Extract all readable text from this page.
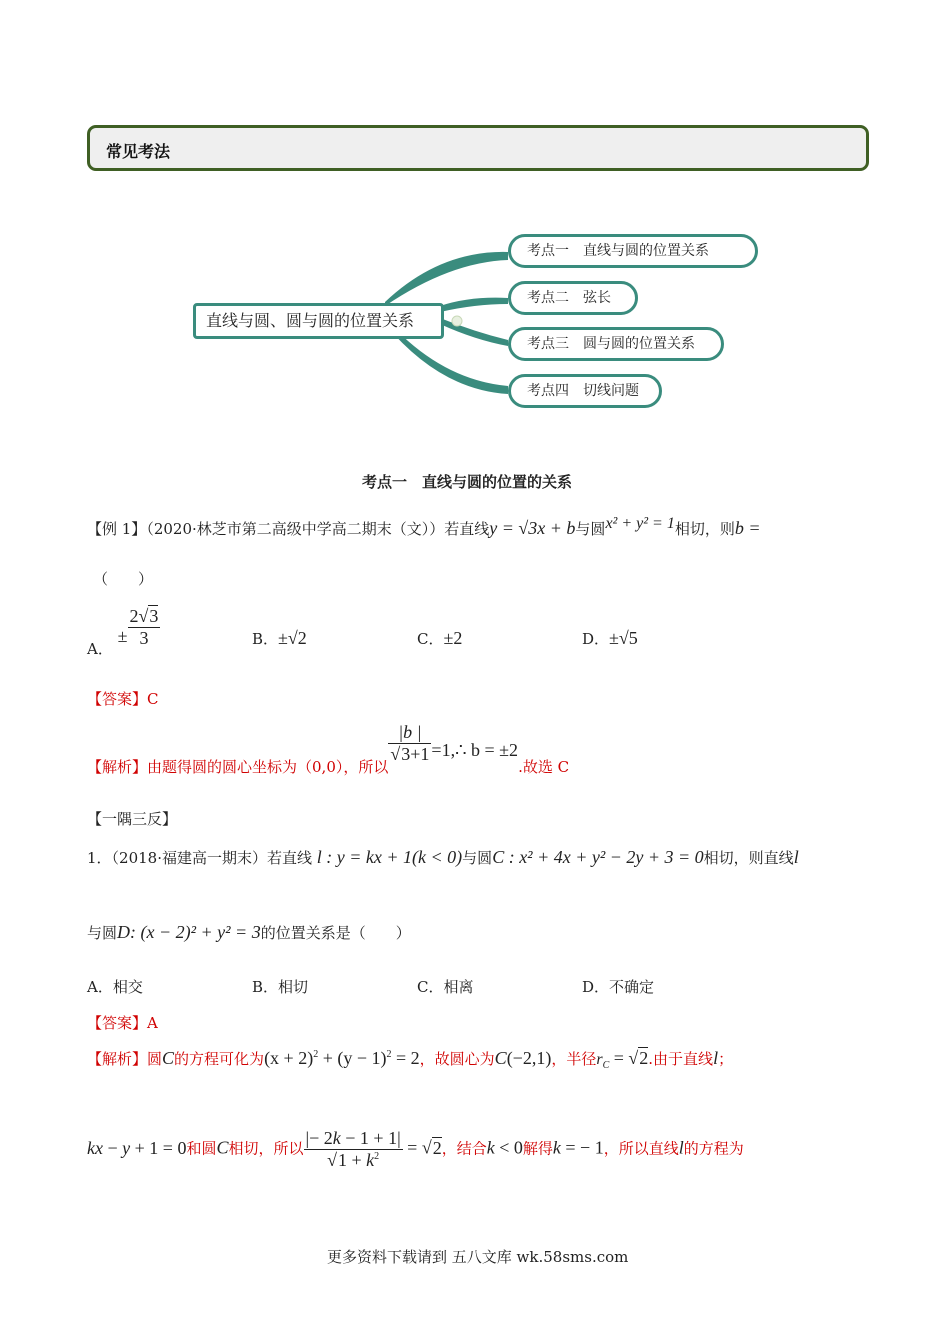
常见考法
直线与圆、圆与圆的位置关系
考点一　直线与圆的位置关系
考点二　弦长
考点三　圆与圆的位置关系
考点四　切线问题
考点一　直线与圆的位置的关系
【例 1】（2020·林芝市第二高级中学高二期末（文））若直线y = √3x + b与圆x² + y² = 1相切，则b =
（　　）
A． ± $\frac{2√3}{3}$	B．±√2	C．±2	D．±√5
【答案】C
【解析】由题得圆的圆心坐标为（0,0），所以
$\frac{|b |}{√3+1}$ =1,∴ b = ±2.故选 C
【一隅三反】
1．（2018·福建高一期末）若直线 l : y = kx + 1(k < 0)与圆C : x² + 4x + y² − 2y + 3 = 0相切，则直线l
与圆D: (x − 2)² + y² = 3的位置关系是（　　）
A．相交	B．相切	C．相离	D．不确定
【答案】A
【解析】圆C的方程可化为$(x + 2)^2 + (y - 1)^2 = 2$，故圆心为C(−2,1)，半径$r_C = √2$.由于直线l；
kx − y + 1 = 0和圆C相切，所以 $\frac{|- 2k - 1 + 1|}{√1 + k^2} = √2$，结合k < 0解得k = − 1，所以直线l的方程为
更多资料下载请到 五八文库 wk.58sms.com
